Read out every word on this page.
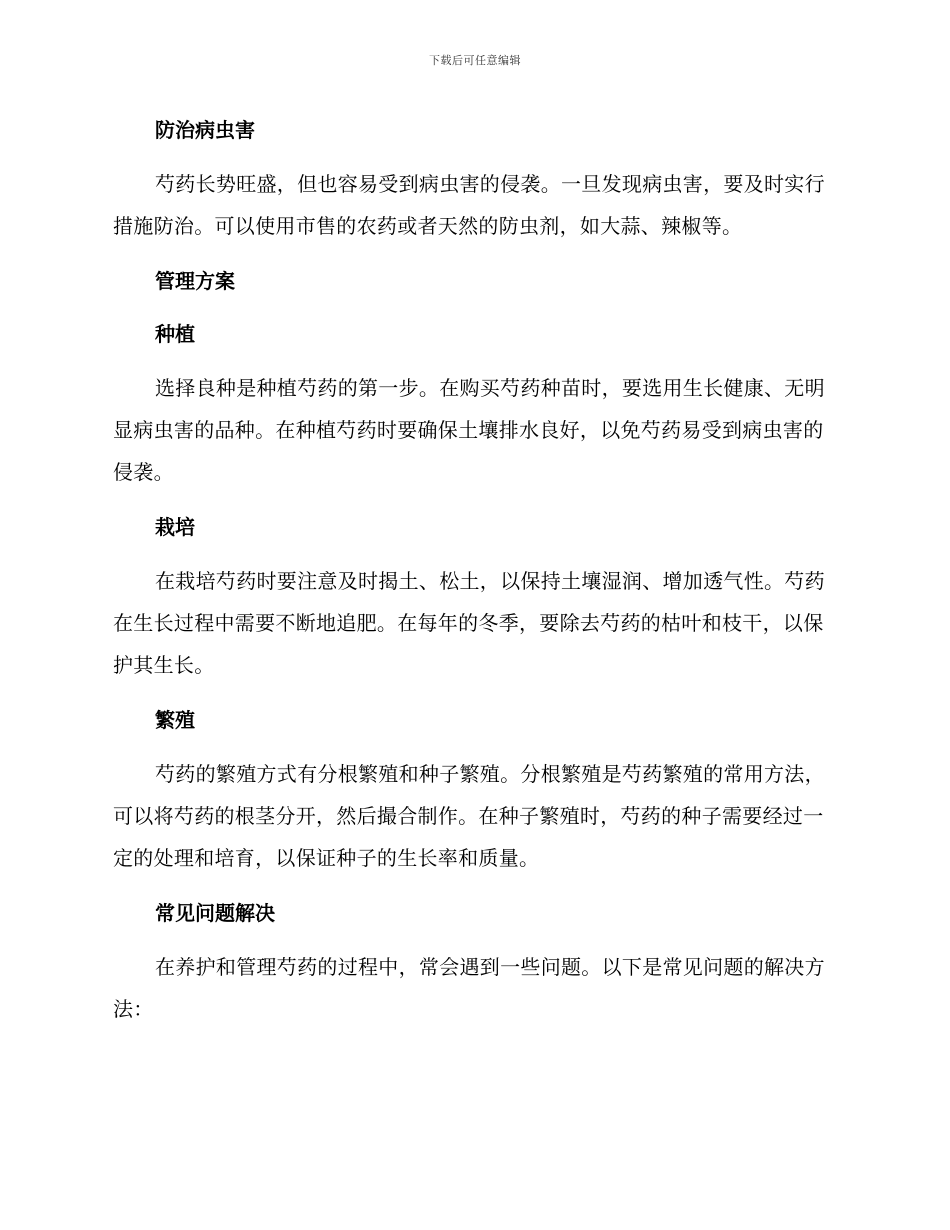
下载后可任意编辑
防治病虫害

芍药长势旺盛，但也容易受到病虫害的侵袭。一旦发现病虫害，要及时实行措施防治。可以使用市售的农药或者天然的防虫剂，如大蒜、辣椒等。

管理方案
种植

选择良种是种植芍药的第一步。在购买芍药种苗时，要选用生长健康、无明显病虫害的品种。在种植芍药时要确保土壤排水良好，以免芍药易受到病虫害的侵袭。

栽培

在栽培芍药时要注意及时揭土、松土，以保持土壤湿润、增加透气性。芍药在生长过程中需要不断地追肥。在每年的冬季，要除去芍药的枯叶和枝干，以保护其生长。

繁殖

芍药的繁殖方式有分根繁殖和种子繁殖。分根繁殖是芍药繁殖的常用方法，可以将芍药的根茎分开，然后撮合制作。在种子繁殖时，芍药的种子需要经过一定的处理和培育，以保证种子的生长率和质量。

常见问题解决

在养护和管理芍药的过程中，常会遇到一些问题。以下是常见问题的解决方法：
